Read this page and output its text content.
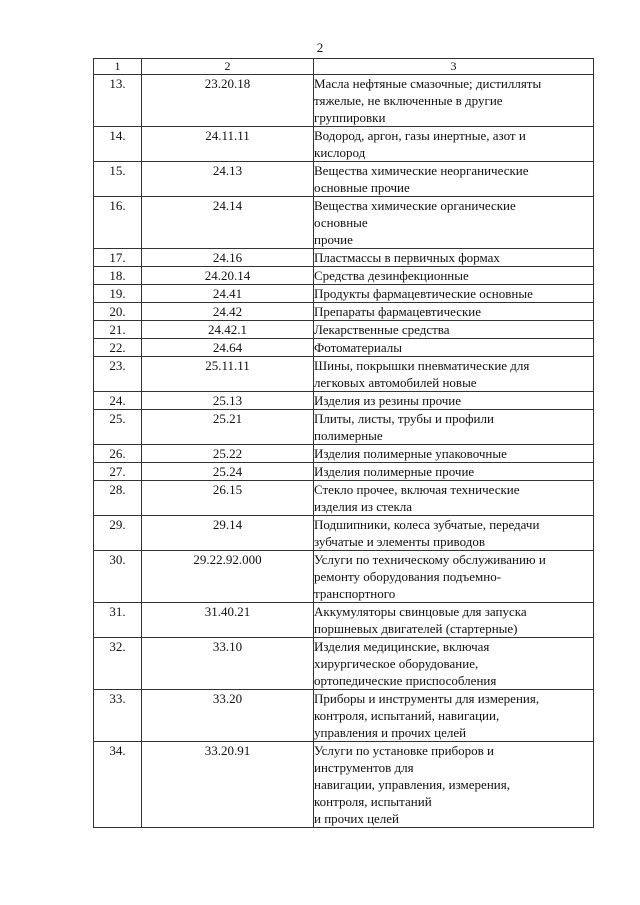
2
1	2	3
13.	23.20.18	Масла нефтяные смазочные; дистилляты
тяжелые, не включенные в другие
группировки

14.	24.11.11	Водород, аргон, газы инертные, азот и
кислород

15.	24.13	Вещества химические неорганические
основные прочие

16.	24.14	Вещества химические органические
основные
прочие

17.	24.16	Пластмассы в первичных формах

18.	24.20.14	Средства дезинфекционные

19.	24.41	Продукты фармацевтические основные

20.	24.42	Препараты фармацевтические

21.	24.42.1	Лекарственные средства

22.	24.64	Фотоматериалы

23.	25.11.11	Шины, покрышки пневматические для
легковых автомобилей новые

24.	25.13	Изделия из резины прочие

25.	25.21	Плиты, листы, трубы и профили
полимерные

26.	25.22	Изделия полимерные упаковочные

27.	25.24	Изделия полимерные прочие

28.	26.15	Стекло прочее, включая технические
изделия из стекла

29.	29.14	Подшипники, колеса зубчатые, передачи
зубчатые и элементы приводов

30.	29.22.92.000	Услуги по техническому обслуживанию и
ремонту оборудования подъемно-
транспортного

31.	31.40.21	Аккумуляторы свинцовые для запуска
поршневых двигателей (стартерные)

32.	33.10	Изделия медицинские, включая
хирургическое оборудование,
ортопедические приспособления

33.	33.20	Приборы и инструменты для измерения,
контроля, испытаний, навигации,
управления и прочих целей

34.	33.20.91	Услуги по установке приборов и
инструментов для
навигации, управления, измерения,
контроля, испытаний
и прочих целей
